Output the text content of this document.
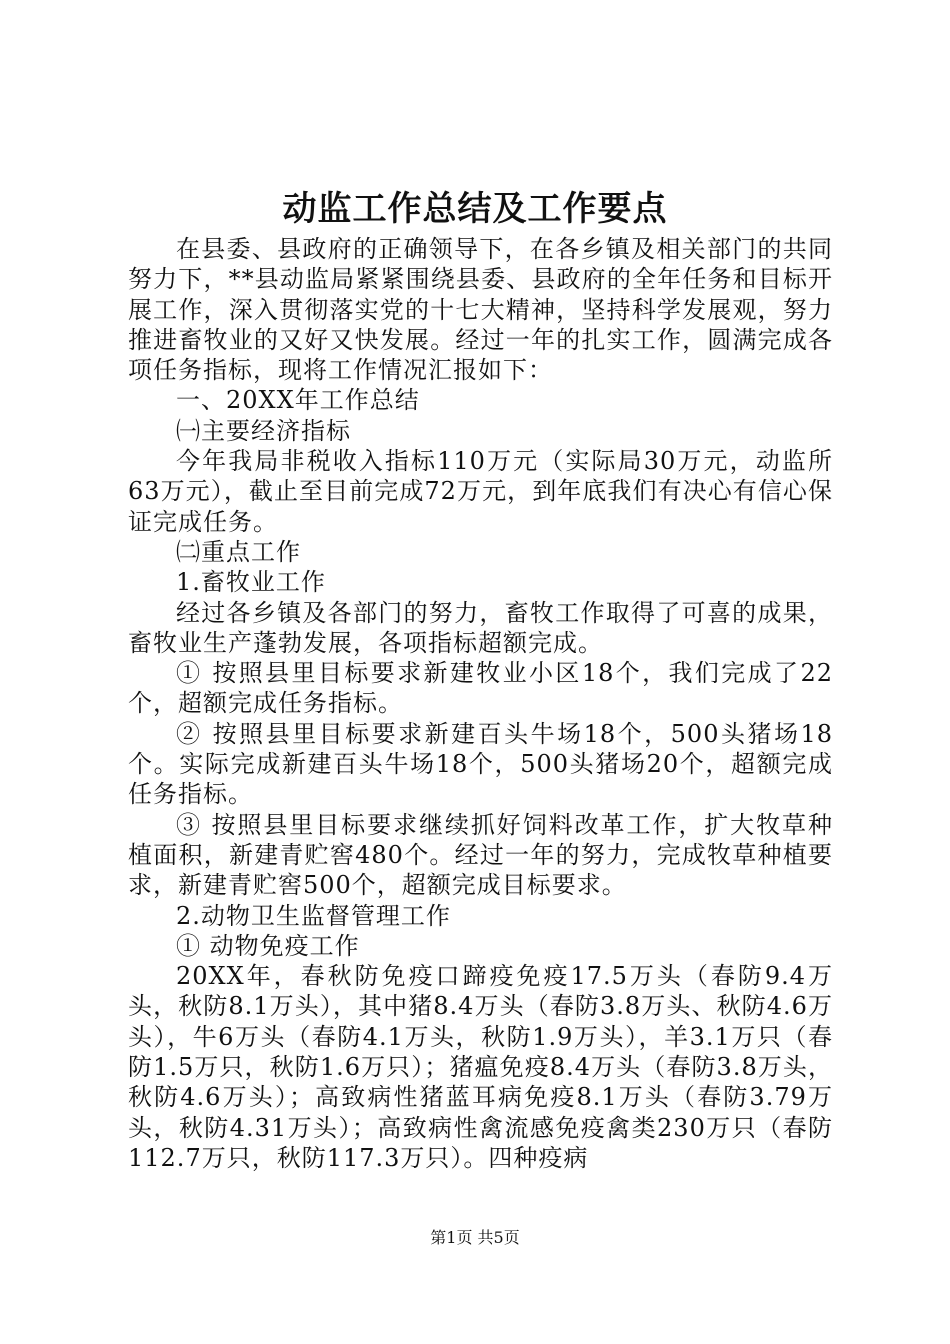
动监工作总结及工作要点

在县委、县政府的正确领导下，在各乡镇及相关部门的共同努力下，**县动监局紧紧围绕县委、县政府的全年任务和目标开展工作，深入贯彻落实党的十七大精神，坚持科学发展观，努力推进畜牧业的又好又快发展。经过一年的扎实工作，圆满完成各项任务指标，现将工作情况汇报如下：

一、20XX年工作总结

㈠主要经济指标

今年我局非税收入指标110万元（实际局30万元，动监所63万元），截止至目前完成72万元，到年底我们有决心有信心保证完成任务。

㈡重点工作

1.畜牧业工作

经过各乡镇及各部门的努力，畜牧工作取得了可喜的成果，畜牧业生产蓬勃发展，各项指标超额完成。

① 按照县里目标要求新建牧业小区18个，我们完成了22个，超额完成任务指标。

② 按照县里目标要求新建百头牛场18个，500头猪场18个。实际完成新建百头牛场18个，500头猪场20个，超额完成任务指标。

③ 按照县里目标要求继续抓好饲料改革工作，扩大牧草种植面积，新建青贮窖480个。经过一年的努力，完成牧草种植要求，新建青贮窖500个，超额完成目标要求。

2.动物卫生监督管理工作

① 动物免疫工作

20XX年，春秋防免疫口蹄疫免疫17.5万头（春防9.4万头，秋防8.1万头），其中猪8.4万头（春防3.8万头、秋防4.6万头），牛6万头（春防4.1万头，秋防1.9万头），羊3.1万只（春防1.5万只，秋防1.6万只）；猪瘟免疫8.4万头（春防3.8万头，秋防4.6万头）；高致病性猪蓝耳病免疫8.1万头（春防3.79万头，秋防4.31万头）；高致病性禽流感免疫禽类230万只（春防112.7万只，秋防117.3万只）。四种疫病

第1页 共5页
